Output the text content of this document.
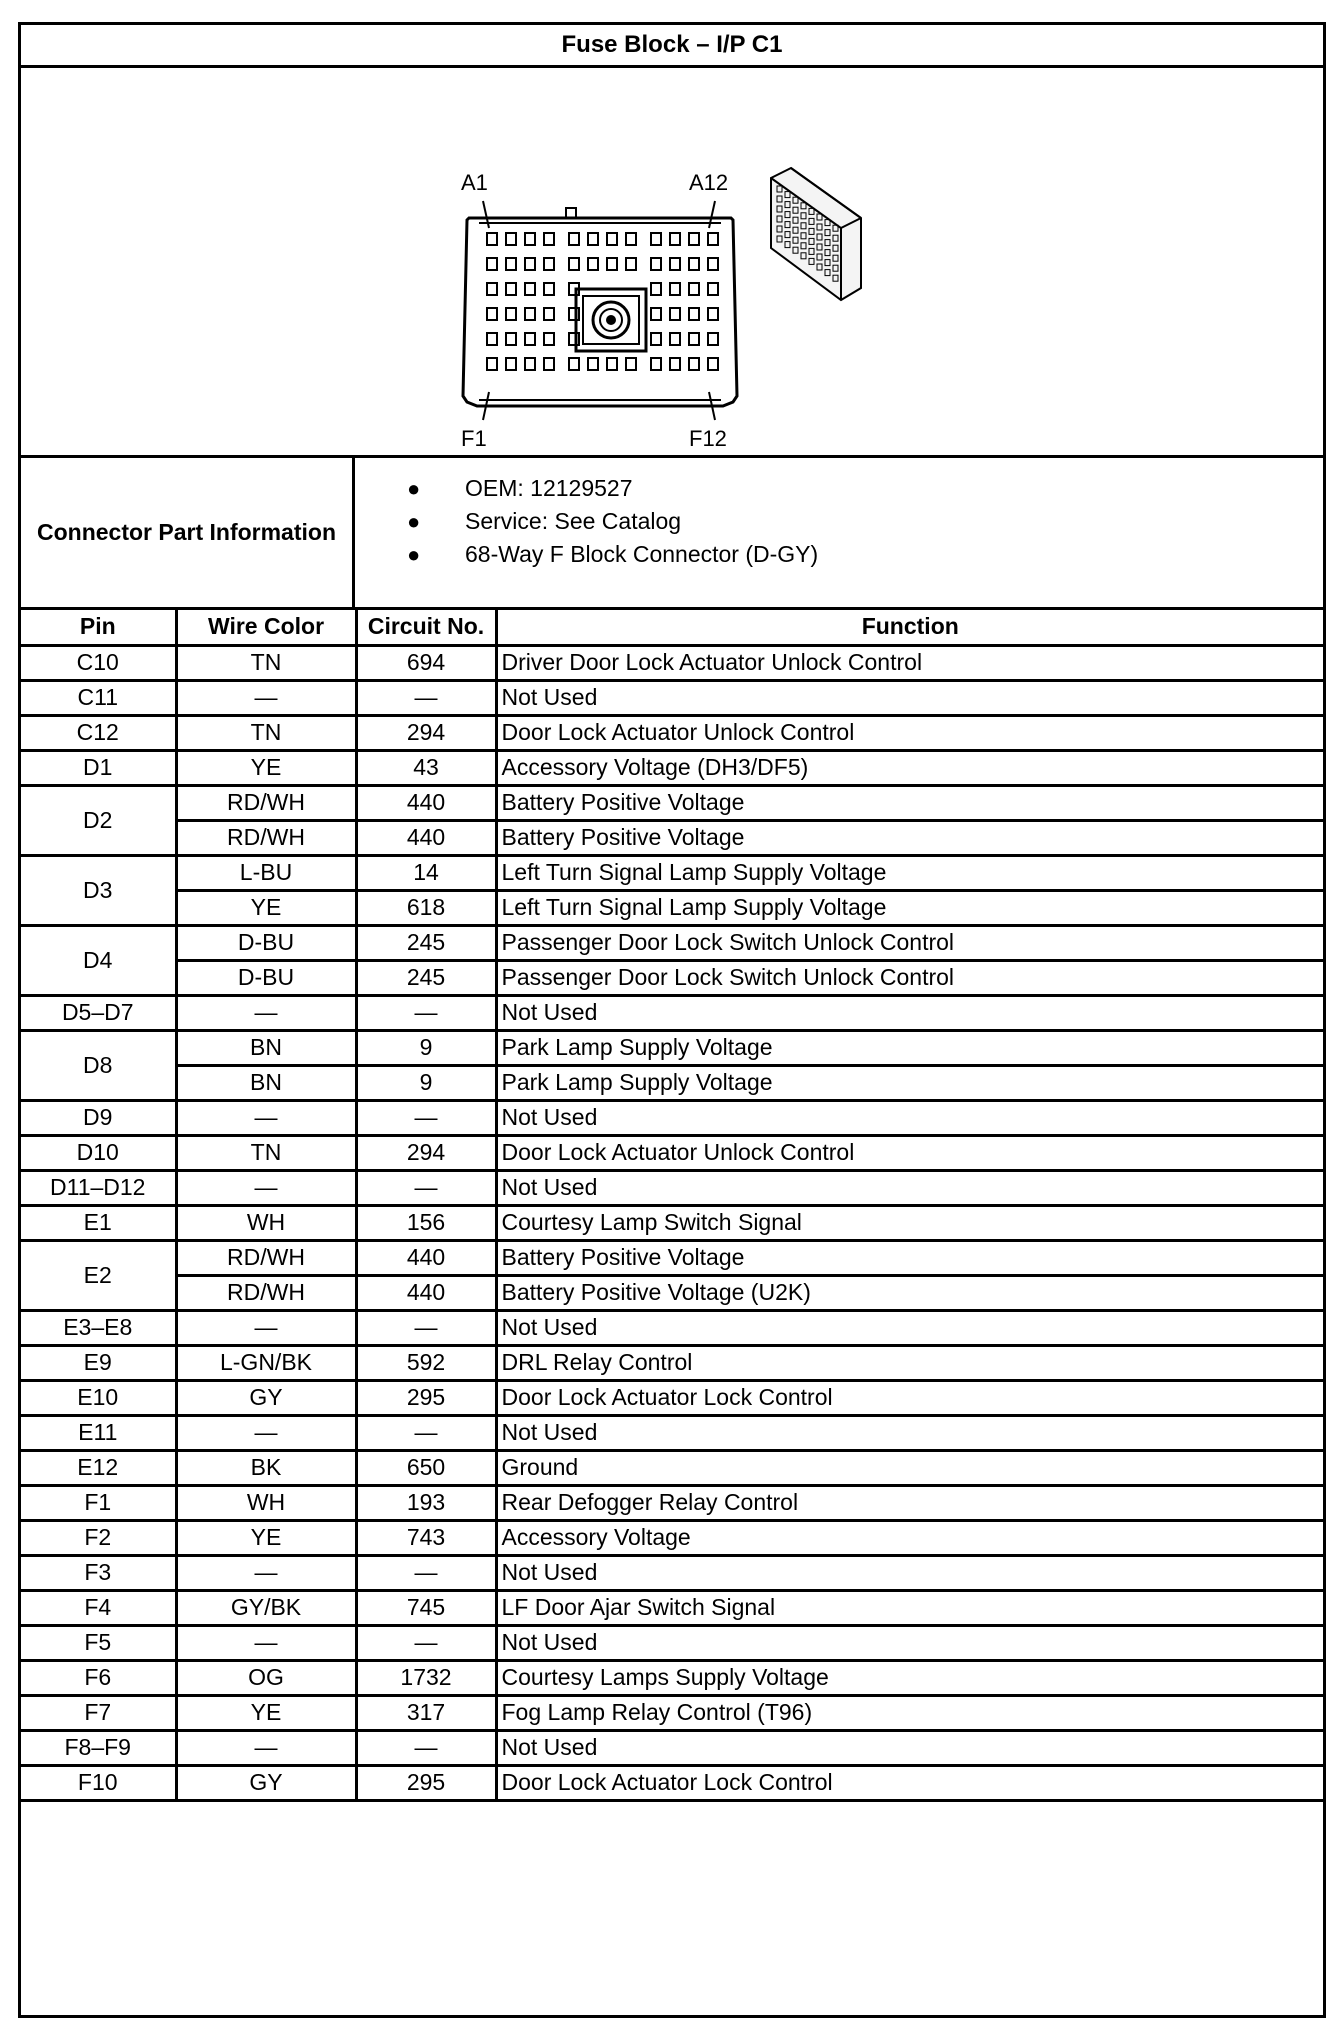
Fuse Block – I/P C1
A1	A12
F1	F12
Connector Part Information
●	OEM: 12129527
●	Service: See Catalog
●	68-Way F Block Connector (D-GY)
Pin	Wire Color	Circuit No.	Function
C10	TN	694	Driver Door Lock Actuator Unlock Control
C11	—	—	Not Used
C12	TN	294	Door Lock Actuator Unlock Control
D1	YE	43	Accessory Voltage (DH3/DF5)
D2	RD/WH	440	Battery Positive Voltage
	RD/WH	440	Battery Positive Voltage
D3	L-BU	14	Left Turn Signal Lamp Supply Voltage
	YE	618	Left Turn Signal Lamp Supply Voltage
D4	D-BU	245	Passenger Door Lock Switch Unlock Control
	D-BU	245	Passenger Door Lock Switch Unlock Control
D5–D7	—	—	Not Used
D8	BN	9	Park Lamp Supply Voltage
	BN	9	Park Lamp Supply Voltage
D9	—	—	Not Used
D10	TN	294	Door Lock Actuator Unlock Control
D11–D12	—	—	Not Used
E1	WH	156	Courtesy Lamp Switch Signal
E2	RD/WH	440	Battery Positive Voltage
	RD/WH	440	Battery Positive Voltage (U2K)
E3–E8	—	—	Not Used
E9	L-GN/BK	592	DRL Relay Control
E10	GY	295	Door Lock Actuator Lock Control
E11	—	—	Not Used
E12	BK	650	Ground
F1	WH	193	Rear Defogger Relay Control
F2	YE	743	Accessory Voltage
F3	—	—	Not Used
F4	GY/BK	745	LF Door Ajar Switch Signal
F5	—	—	Not Used
F6	OG	1732	Courtesy Lamps Supply Voltage
F7	YE	317	Fog Lamp Relay Control (T96)
F8–F9	—	—	Not Used
F10	GY	295	Door Lock Actuator Lock Control
